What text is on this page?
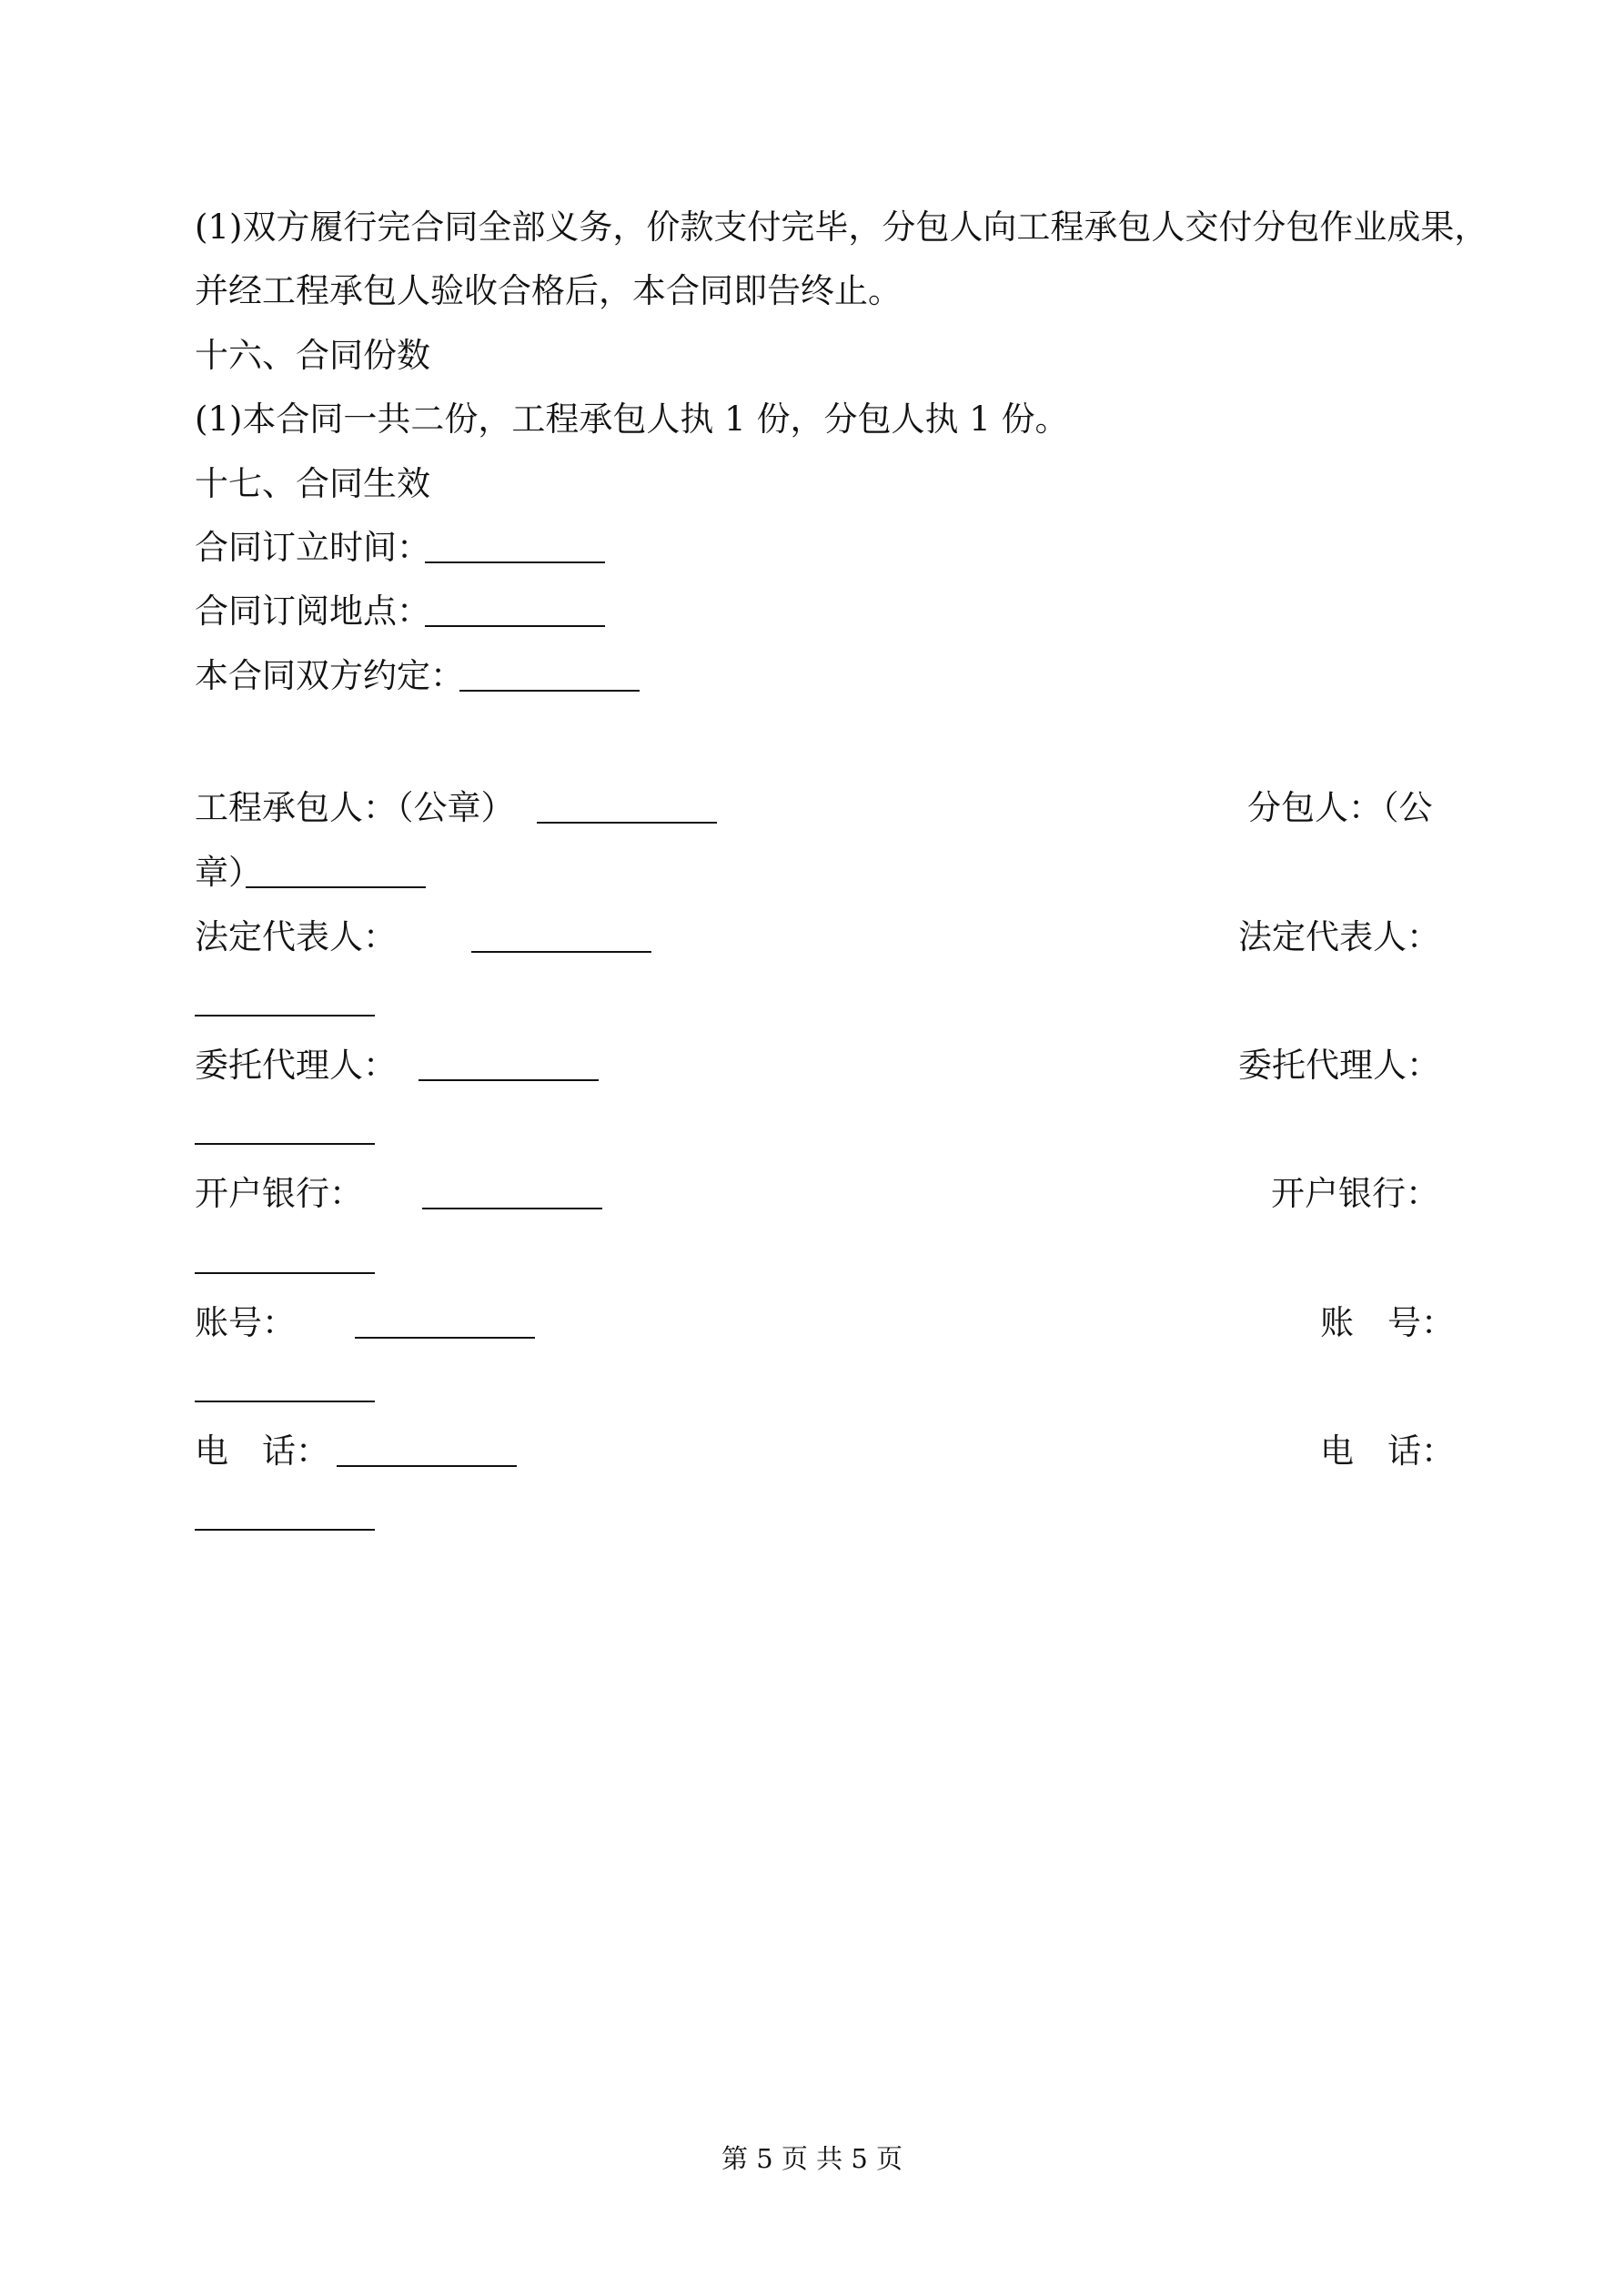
(1)双方履行完合同全部义务，价款支付完毕，分包人向工程承包人交付分包作业成果，
并经工程承包人验收合格后，本合同即告终止。
十六、合同份数
(1)本合同一共二份，工程承包人执 1 份，分包人执 1 份。
十七、合同生效
合同订立时间：
合同订阅地点：
本合同双方约定：
工程承包人：（公章）	分包人：（公
章）
法定代表人：	法定代表人：
委托代理人：	委托代理人：
开户银行：	开户银行：
账号：	账　号：
电　话：	电　话：
第 5 页 共 5 页
